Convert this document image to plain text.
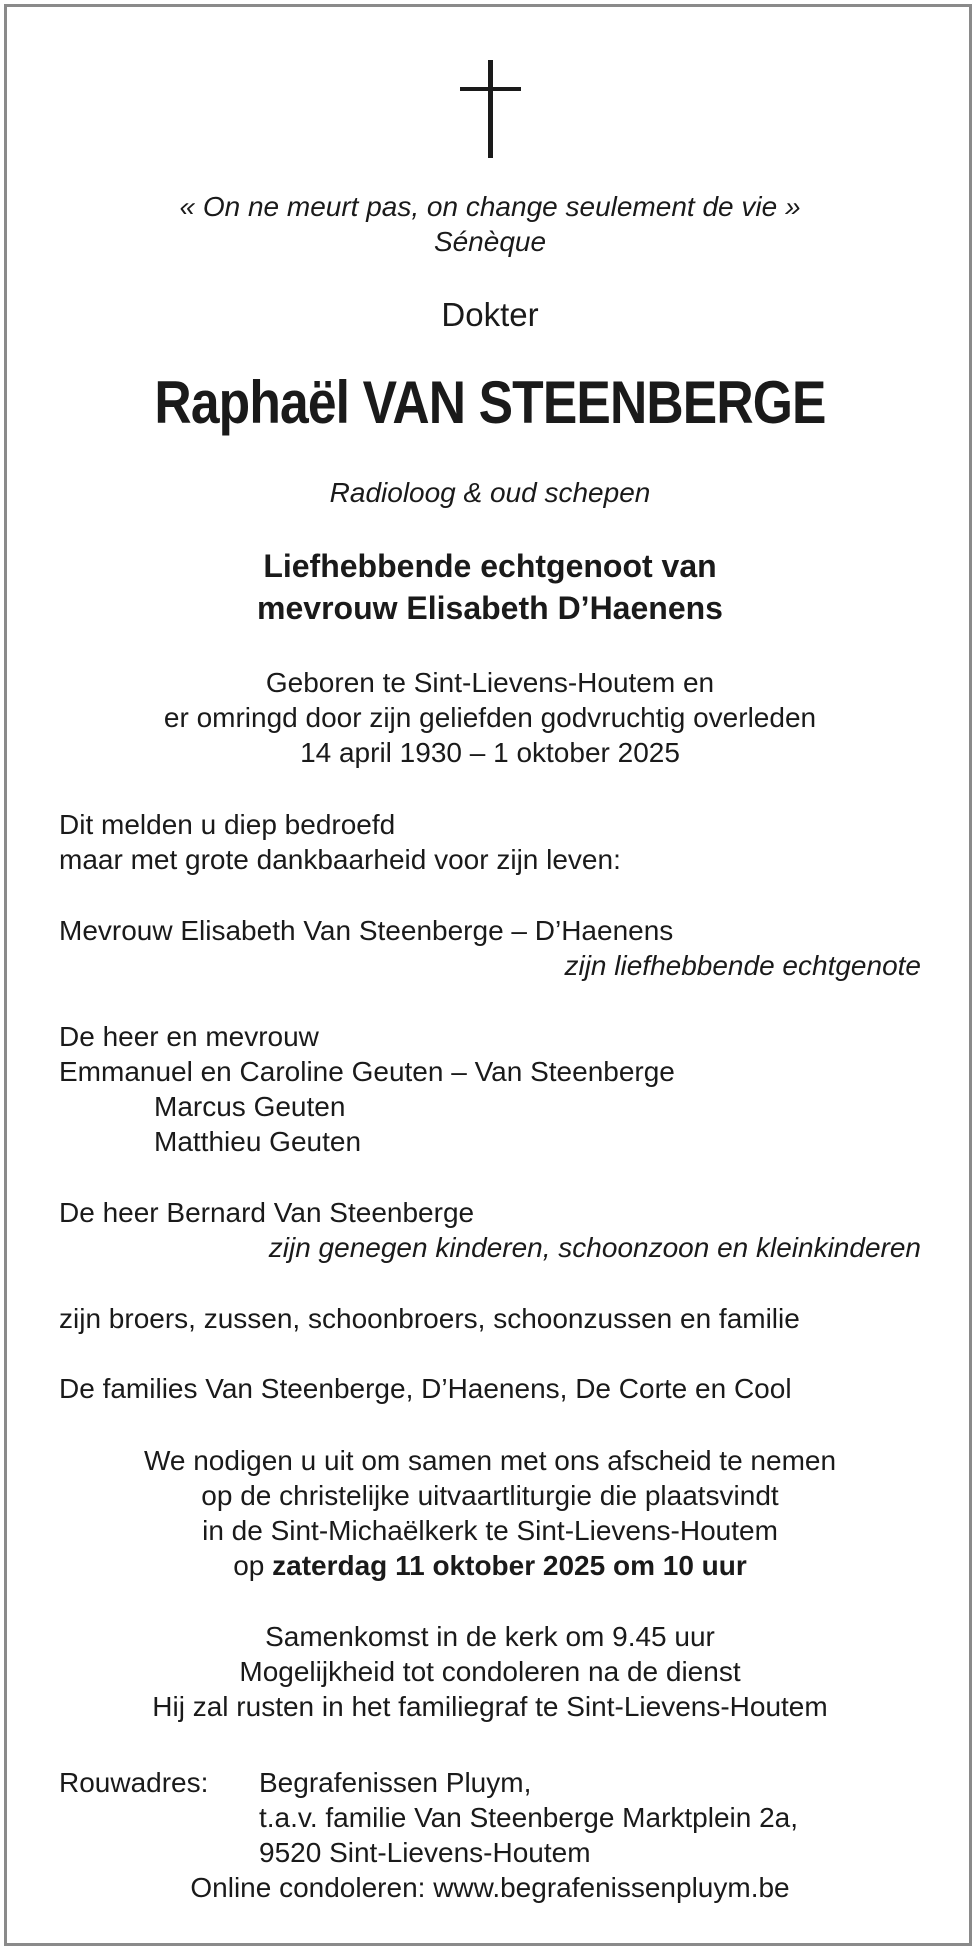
« On ne meurt pas, on change seulement de vie »
Sénèque
Dokter
Raphaël VAN STEENBERGE
Radioloog & oud schepen
Liefhebbende echtgenoot van
mevrouw Elisabeth D’Haenens
Geboren te Sint-Lievens-Houtem en
er omringd door zijn geliefden godvruchtig overleden
14 april 1930 – 1 oktober 2025
Dit melden u diep bedroefd
maar met grote dankbaarheid voor zijn leven:
Mevrouw Elisabeth Van Steenberge – D’Haenens
zijn liefhebbende echtgenote
De heer en mevrouw
Emmanuel en Caroline Geuten – Van Steenberge
Marcus Geuten
Matthieu Geuten
De heer Bernard Van Steenberge
zijn genegen kinderen, schoonzoon en kleinkinderen
zijn broers, zussen, schoonbroers, schoonzussen en familie
De families Van Steenberge, D’Haenens, De Corte en Cool
We nodigen u uit om samen met ons afscheid te nemen
op de christelijke uitvaartliturgie die plaatsvindt
in de Sint-Michaëlkerk te Sint-Lievens-Houtem
op zaterdag 11 oktober 2025 om 10 uur
Samenkomst in de kerk om 9.45 uur
Mogelijkheid tot condoleren na de dienst
Hij zal rusten in het familiegraf te Sint-Lievens-Houtem
Rouwadres: Begrafenissen Pluym,
t.a.v. familie Van Steenberge Marktplein 2a,
9520 Sint-Lievens-Houtem
Online condoleren: www.begrafenissenpluym.be
